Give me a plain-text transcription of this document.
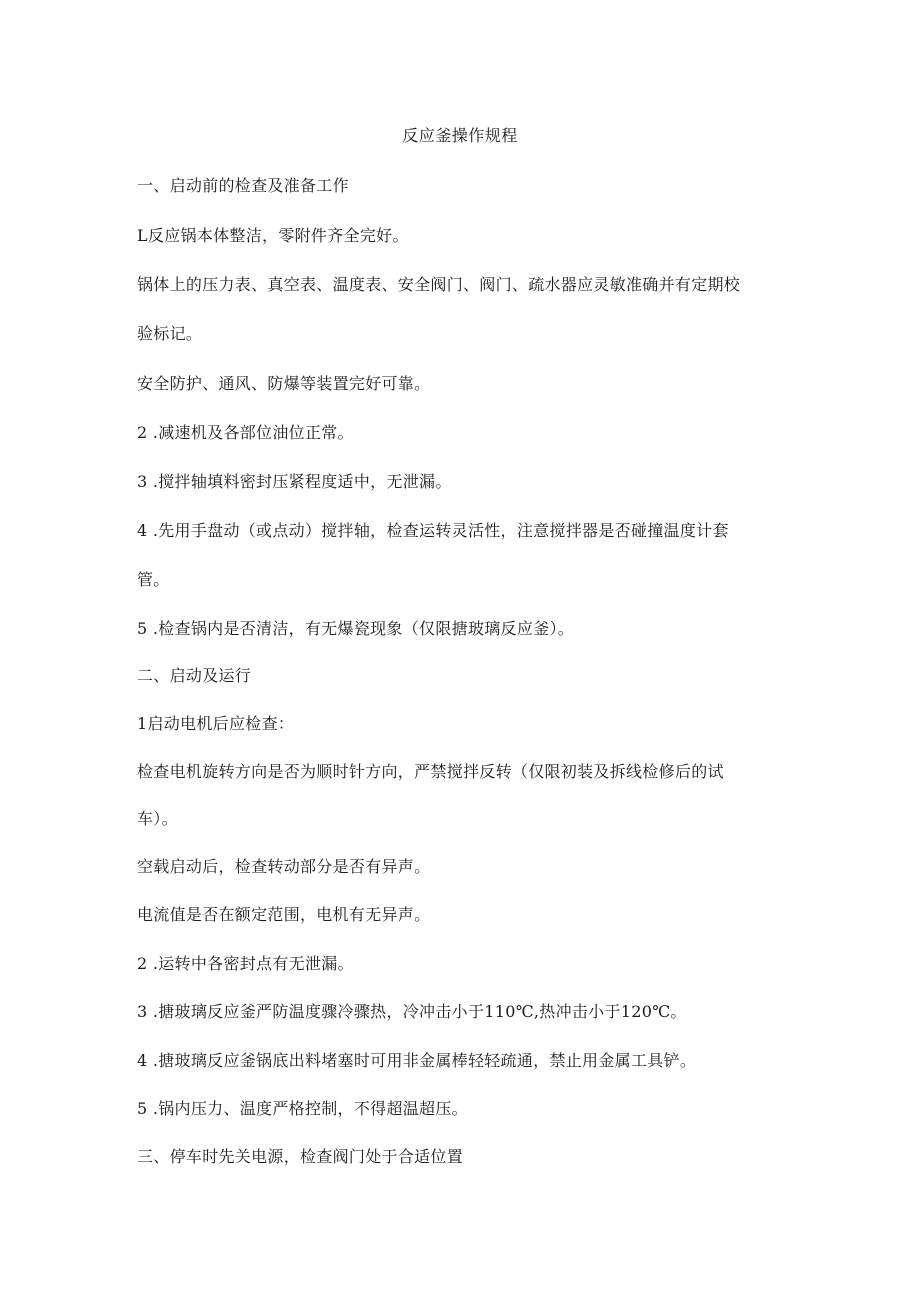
反应釜操作规程
一、启动前的检查及准备工作
L反应锅本体整洁，零附件齐全完好。
锅体上的压力表、真空表、温度表、安全阀门、阀门、疏水器应灵敏准确并有定期校
验标记。
安全防护、通风、防爆等装置完好可靠。
2 .减速机及各部位油位正常。
3 .搅拌轴填料密封压紧程度适中，无泄漏。
4 .先用手盘动（或点动）搅拌轴，检查运转灵活性，注意搅拌器是否碰撞温度计套
管。
5 .检查锅内是否清洁，有无爆瓷现象（仅限搪玻璃反应釜）。
二、启动及运行
1启动电机后应检查：
检查电机旋转方向是否为顺时针方向，严禁搅拌反转（仅限初装及拆线检修后的试
车）。
空载启动后，检查转动部分是否有异声。
电流值是否在额定范围，电机有无异声。
2 .运转中各密封点有无泄漏。
3 .搪玻璃反应釜严防温度骤冷骤热，冷冲击小于110℃,热冲击小于120℃。
4 .搪玻璃反应釜锅底出料堵塞时可用非金属棒轻轻疏通，禁止用金属工具铲。
5 .锅内压力、温度严格控制，不得超温超压。
三、停车时先关电源，检查阀门处于合适位置
